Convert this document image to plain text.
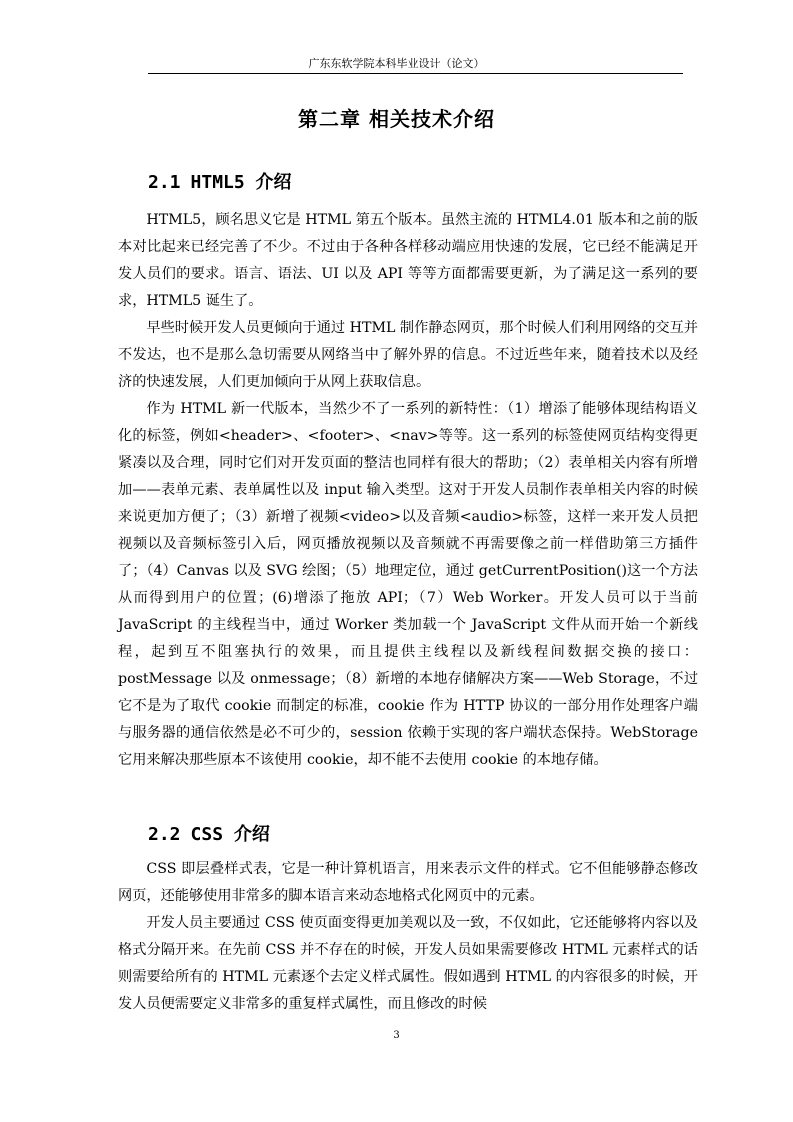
广东东软学院本科毕业设计（论文）
第二章 相关技术介绍
2.1 HTML5 介绍

HTML5，顾名思义它是 HTML 第五个版本。虽然主流的 HTML4.01 版本和之前的版本对比起来已经完善了不少。不过由于各种各样移动端应用快速的发展，它已经不能满足开发人员们的要求。语言、语法、UI 以及 API 等等方面都需要更新，为了满足这一系列的要求，HTML5 诞生了。

早些时候开发人员更倾向于通过 HTML 制作静态网页，那个时候人们利用网络的交互并不发达，也不是那么急切需要从网络当中了解外界的信息。不过近些年来，随着技术以及经济的快速发展，人们更加倾向于从网上获取信息。

作为 HTML 新一代版本，当然少不了一系列的新特性：（1）增添了能够体现结构语义化的标签，例如<header>、<footer>、<nav>等等。这一系列的标签使网页结构变得更紧凑以及合理，同时它们对开发页面的整洁也同样有很大的帮助；（2）表单相关内容有所增加——表单元素、表单属性以及 input 输入类型。这对于开发人员制作表单相关内容的时候来说更加方便了；（3）新增了视频<video>以及音频<audio>标签，这样一来开发人员把视频以及音频标签引入后，网页播放视频以及音频就不再需要像之前一样借助第三方插件了；（4）Canvas 以及 SVG 绘图；（5）地理定位，通过 getCurrentPosition()这一个方法从而得到用户的位置；(6)增添了拖放 API；（7）Web Worker。开发人员可以于当前 JavaScript 的主线程当中，通过 Worker 类加载一个 JavaScript 文件从而开始一个新线程，起到互不阻塞执行的效果，而且提供主线程以及新线程间数据交换的接口：postMessage 以及 onmessage；（8）新增的本地存储解决方案——Web Storage，不过它不是为了取代 cookie 而制定的标准，cookie 作为 HTTP 协议的一部分用作处理客户端与服务器的通信依然是必不可少的，session 依赖于实现的客户端状态保持。WebStorage 它用来解决那些原本不该使用 cookie，却不能不去使用 cookie 的本地存储。

2.2 CSS 介绍

CSS 即层叠样式表，它是一种计算机语言，用来表示文件的样式。它不但能够静态修改网页，还能够使用非常多的脚本语言来动态地格式化网页中的元素。

开发人员主要通过 CSS 使页面变得更加美观以及一致，不仅如此，它还能够将内容以及格式分隔开来。在先前 CSS 并不存在的时候，开发人员如果需要修改 HTML 元素样式的话则需要给所有的 HTML 元素逐个去定义样式属性。假如遇到 HTML 的内容很多的时候，开发人员便需要定义非常多的重复样式属性，而且修改的时候

3
